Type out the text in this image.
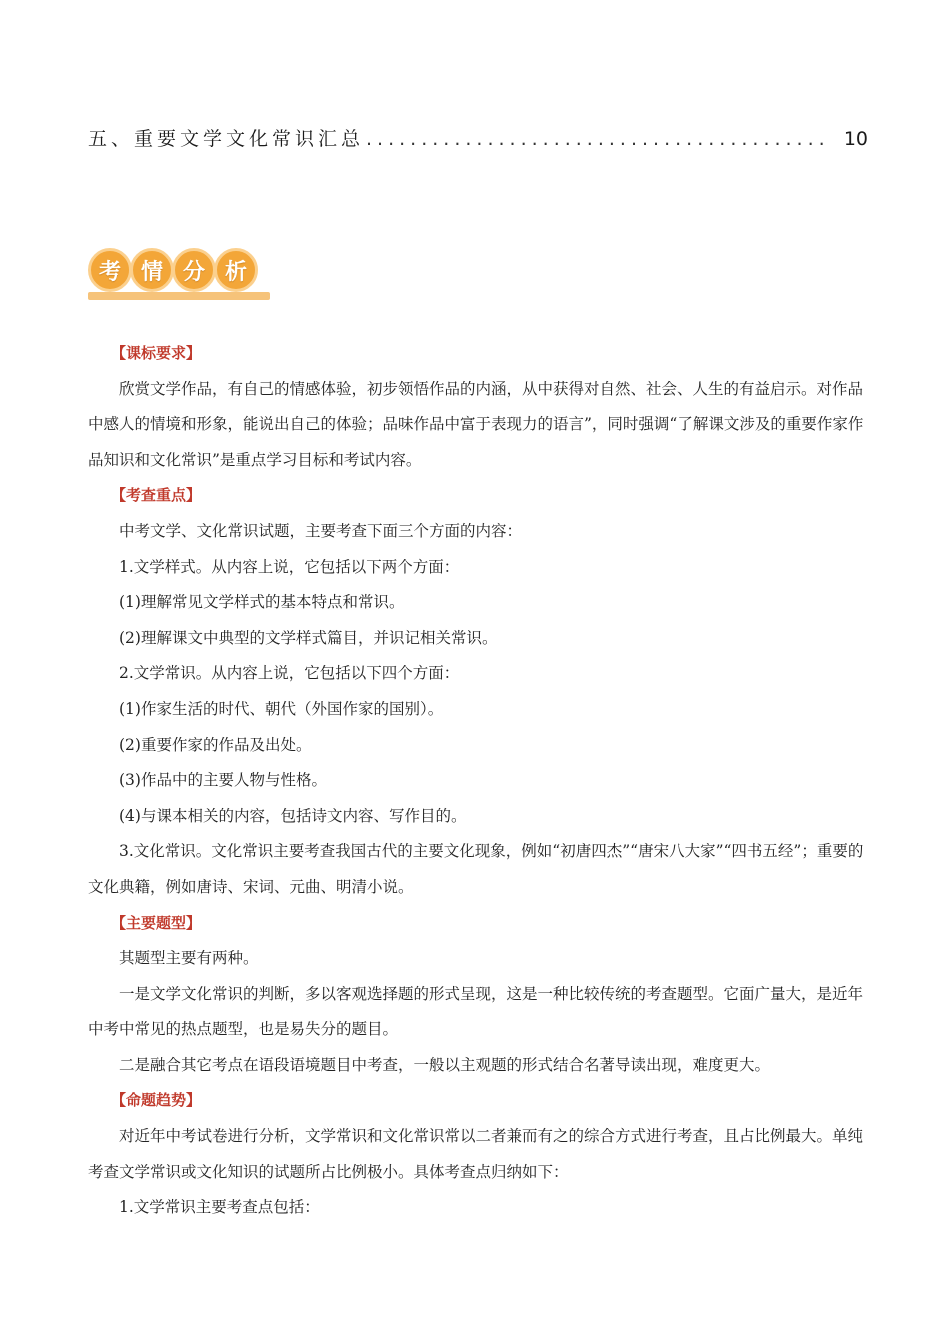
五、重要文学文化常识汇总 .......................................... 10
考 情 分 析

【课标要求】

欣赏文学作品，有自己的情感体验，初步领悟作品的内涵，从中获得对自然、社会、人生的有益启示。对作品中感人的情境和形象，能说出自己的体验；品味作品中富于表现力的语言”，同时强调“了解课文涉及的重要作家作品知识和文化常识”是重点学习目标和考试内容。

【考查重点】

中考文学、文化常识试题，主要考查下面三个方面的内容：

1.文学样式。从内容上说，它包括以下两个方面：

(1)理解常见文学样式的基本特点和常识。

(2)理解课文中典型的文学样式篇目，并识记相关常识。

2.文学常识。从内容上说，它包括以下四个方面：

(1)作家生活的时代、朝代（外国作家的国别）。

(2)重要作家的作品及出处。

(3)作品中的主要人物与性格。

(4)与课本相关的内容，包括诗文内容、写作目的。

3.文化常识。文化常识主要考查我国古代的主要文化现象，例如“初唐四杰”“唐宋八大家”“四书五经”；重要的文化典籍，例如唐诗、宋词、元曲、明清小说。

【主要题型】

其题型主要有两种。

一是文学文化常识的判断，多以客观选择题的形式呈现，这是一种比较传统的考查题型。它面广量大，是近年中考中常见的热点题型，也是易失分的题目。

二是融合其它考点在语段语境题目中考查，一般以主观题的形式结合名著导读出现，难度更大。

【命题趋势】

对近年中考试卷进行分析，文学常识和文化常识常以二者兼而有之的综合方式进行考查，且占比例最大。单纯考查文学常识或文化知识的试题所占比例极小。具体考查点归纳如下：

1.文学常识主要考查点包括：
